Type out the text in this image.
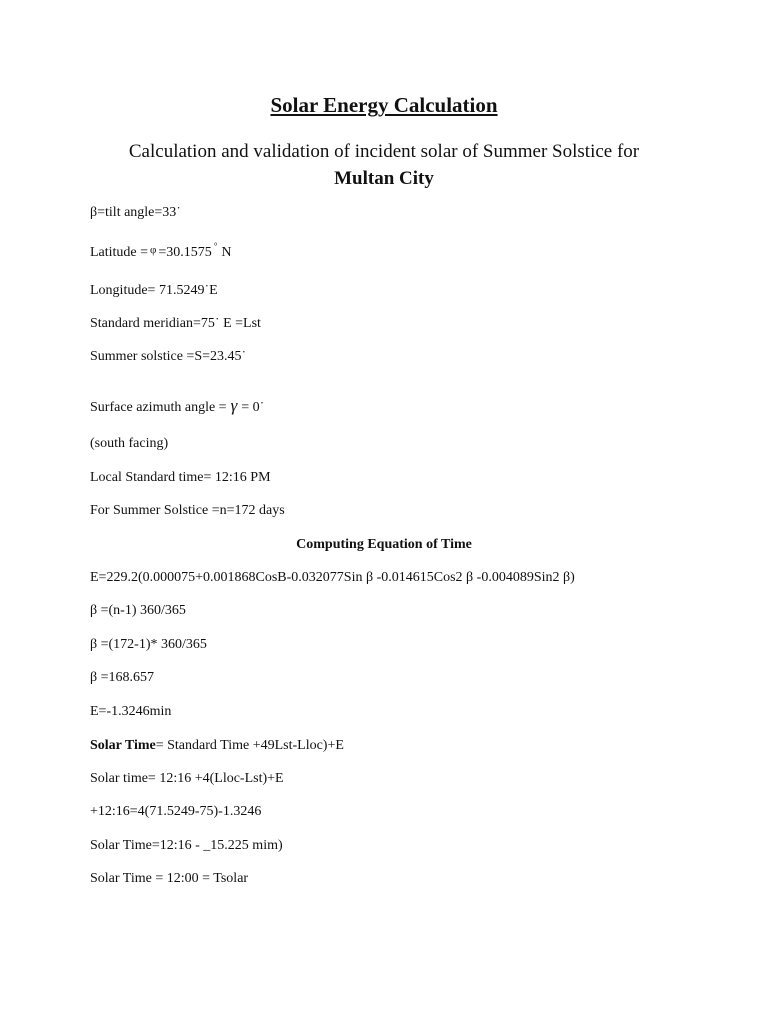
Solar Energy Calculation
Calculation and validation of incident solar of Summer Solstice for
Multan City

β=tilt angle=33˙

Latitude = $^\varphi$ =30.1575 ° N

Longitude= 71.5249˙E

Standard meridian=75˙ E =Lst

Summer solstice =S=23.45˙

Surface azimuth angle = γ = 0˙

(south facing)

Local Standard time= 12:16 PM

For Summer Solstice =n=172 days

Computing Equation of Time

E=229.2(0.000075+0.001868CosB-0.032077Sin β -0.014615Cos2 β -0.004089Sin2 β)

β =(n-1) 360/365

β =(172-1)* 360/365

β =168.657

E=-1.3246min

Solar Time= Standard Time +49Lst-Lloc)+E

Solar time= 12:16 +4(Lloc-Lst)+E

+12:16=4(71.5249-75)-1.3246

Solar Time=12:16 - _15.225 mim)

Solar Time = 12:00 = Tsolar
